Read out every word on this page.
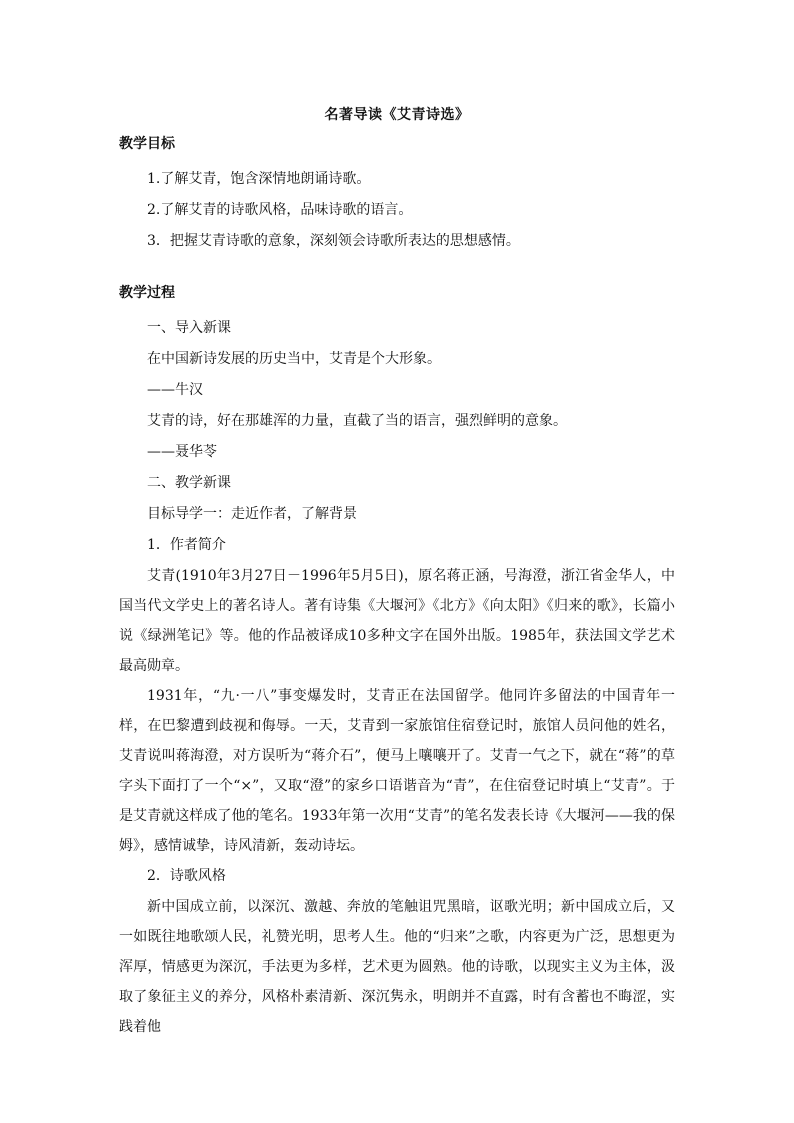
名著导读《艾青诗选》

教学目标

1.了解艾青，饱含深情地朗诵诗歌。

2.了解艾青的诗歌风格，品味诗歌的语言。

3．把握艾青诗歌的意象，深刻领会诗歌所表达的思想感情。

教学过程

一、导入新课

在中国新诗发展的历史当中，艾青是个大形象。

——牛汉

艾青的诗，好在那雄浑的力量，直截了当的语言，强烈鲜明的意象。

——聂华苓

二、教学新课

目标导学一：走近作者，了解背景

1．作者简介

艾青(1910年3月27日－1996年5月5日)，原名蒋正涵，号海澄，浙江省金华人，中国当代文学史上的著名诗人。著有诗集《大堰河》《北方》《向太阳》《归来的歌》，长篇小说《绿洲笔记》等。他的作品被译成10多种文字在国外出版。1985年，获法国文学艺术最高勋章。

1931年，“九·一八”事变爆发时，艾青正在法国留学。他同许多留法的中国青年一样，在巴黎遭到歧视和侮辱。一天，艾青到一家旅馆住宿登记时，旅馆人员问他的姓名，艾青说叫蒋海澄，对方误听为“蒋介石”，便马上嚷嚷开了。艾青一气之下，就在“蒋”的草字头下面打了一个“×”，又取“澄”的家乡口语谐音为“青”，在住宿登记时填上“艾青”。于是艾青就这样成了他的笔名。1933年第一次用“艾青”的笔名发表长诗《大堰河——我的保姆》，感情诚挚，诗风清新，轰动诗坛。

2．诗歌风格

新中国成立前，以深沉、激越、奔放的笔触诅咒黑暗，讴歌光明；新中国成立后，又一如既往地歌颂人民，礼赞光明，思考人生。他的“归来”之歌，内容更为广泛，思想更为浑厚，情感更为深沉，手法更为多样，艺术更为圆熟。他的诗歌，以现实主义为主体，汲取了象征主义的养分，风格朴素清新、深沉隽永，明朗并不直露，时有含蓄也不晦涩，实践着他
